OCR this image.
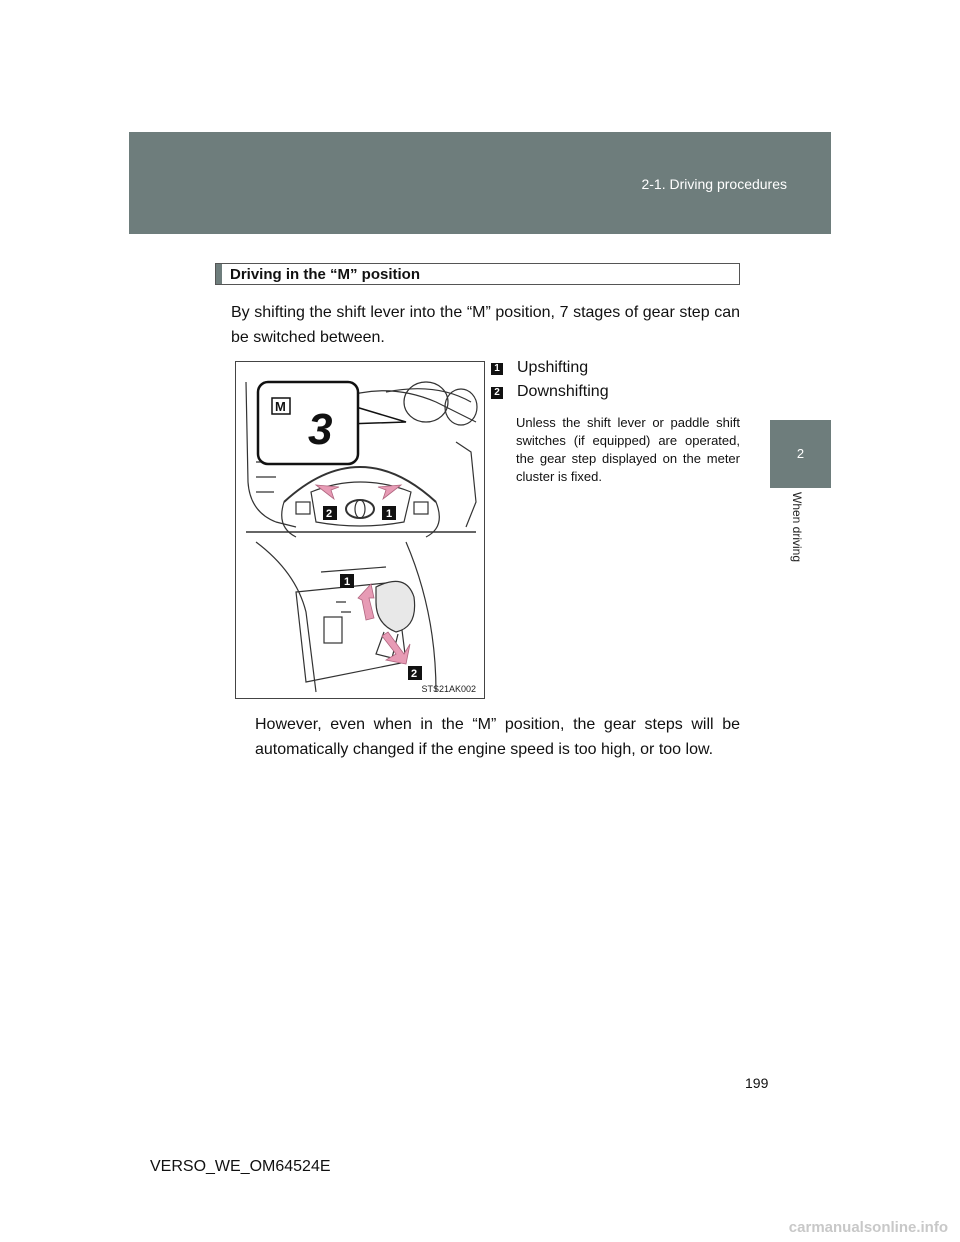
2-1. Driving procedures
2
When driving
Driving in the “M” position
By shifting the shift lever into the “M” position, 7 stages of gear step can be switched between.
M 3
2	1
1
2
STS21AK002
1 Upshifting
2 Downshifting
Unless the shift lever or paddle shift switches (if equipped) are operated, the gear step displayed on the meter cluster is fixed.
However, even when in the “M” position, the gear steps will be automatically changed if the engine speed is too high, or too low.
199
VERSO_WE_OM64524E
carmanualsonline.info
